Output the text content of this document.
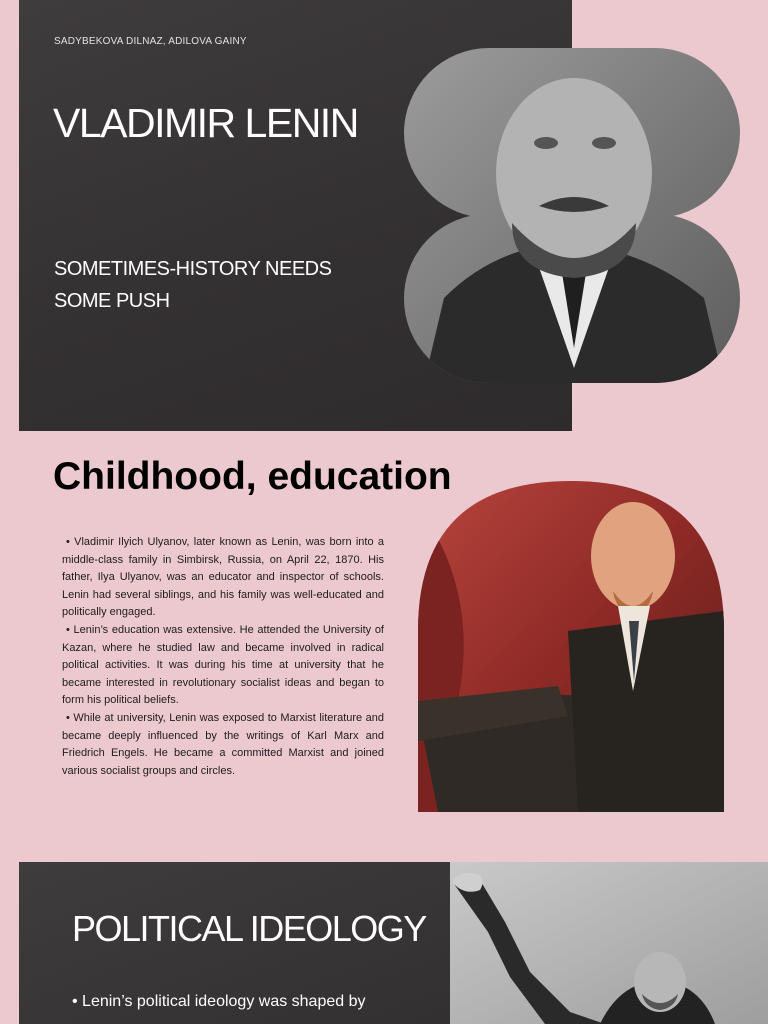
SADYBEKOVA DILNAZ, ADILOVA GAINY
VLADIMIR LENIN
SOMETIMES-HISTORY NEEDS SOME PUSH
Childhood, education

• Vladimir Ilyich Ulyanov, later known as Lenin, was born into a middle-class family in Simbirsk, Russia, on April 22, 1870. His father, Ilya Ulyanov, was an educator and inspector of schools. Lenin had several siblings, and his family was well-educated and politically engaged.

• Lenin’s education was extensive. He attended the University of Kazan, where he studied law and became involved in radical political activities. It was during his time at university that he became interested in revolutionary socialist ideas and began to form his political beliefs.

• While at university, Lenin was exposed to Marxist literature and became deeply influenced by the writings of Karl Marx and Friedrich Engels. He became a committed Marxist and joined various socialist groups and circles.

POLITICAL IDEOLOGY
• Lenin’s political ideology was shaped by
